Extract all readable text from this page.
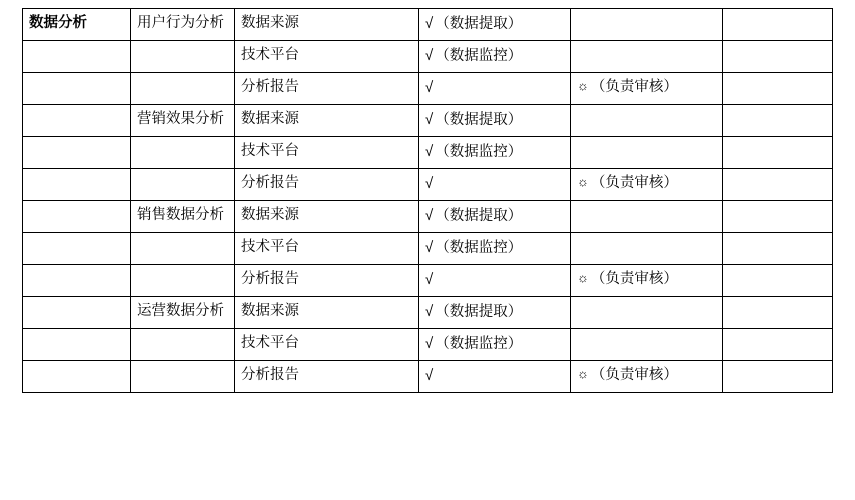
数据分析	用户行为分析	数据来源	√ （数据提取）		
		技术平台	√ （数据监控）		
		分析报告	√	☼ （负责审核）	
	营销效果分析	数据来源	√ （数据提取）		
		技术平台	√ （数据监控）		
		分析报告	√	☼ （负责审核）	
	销售数据分析	数据来源	√ （数据提取）		
		技术平台	√ （数据监控）		
		分析报告	√	☼ （负责审核）	
	运营数据分析	数据来源	√ （数据提取）		
		技术平台	√ （数据监控）		
		分析报告	√	☼ （负责审核）	
